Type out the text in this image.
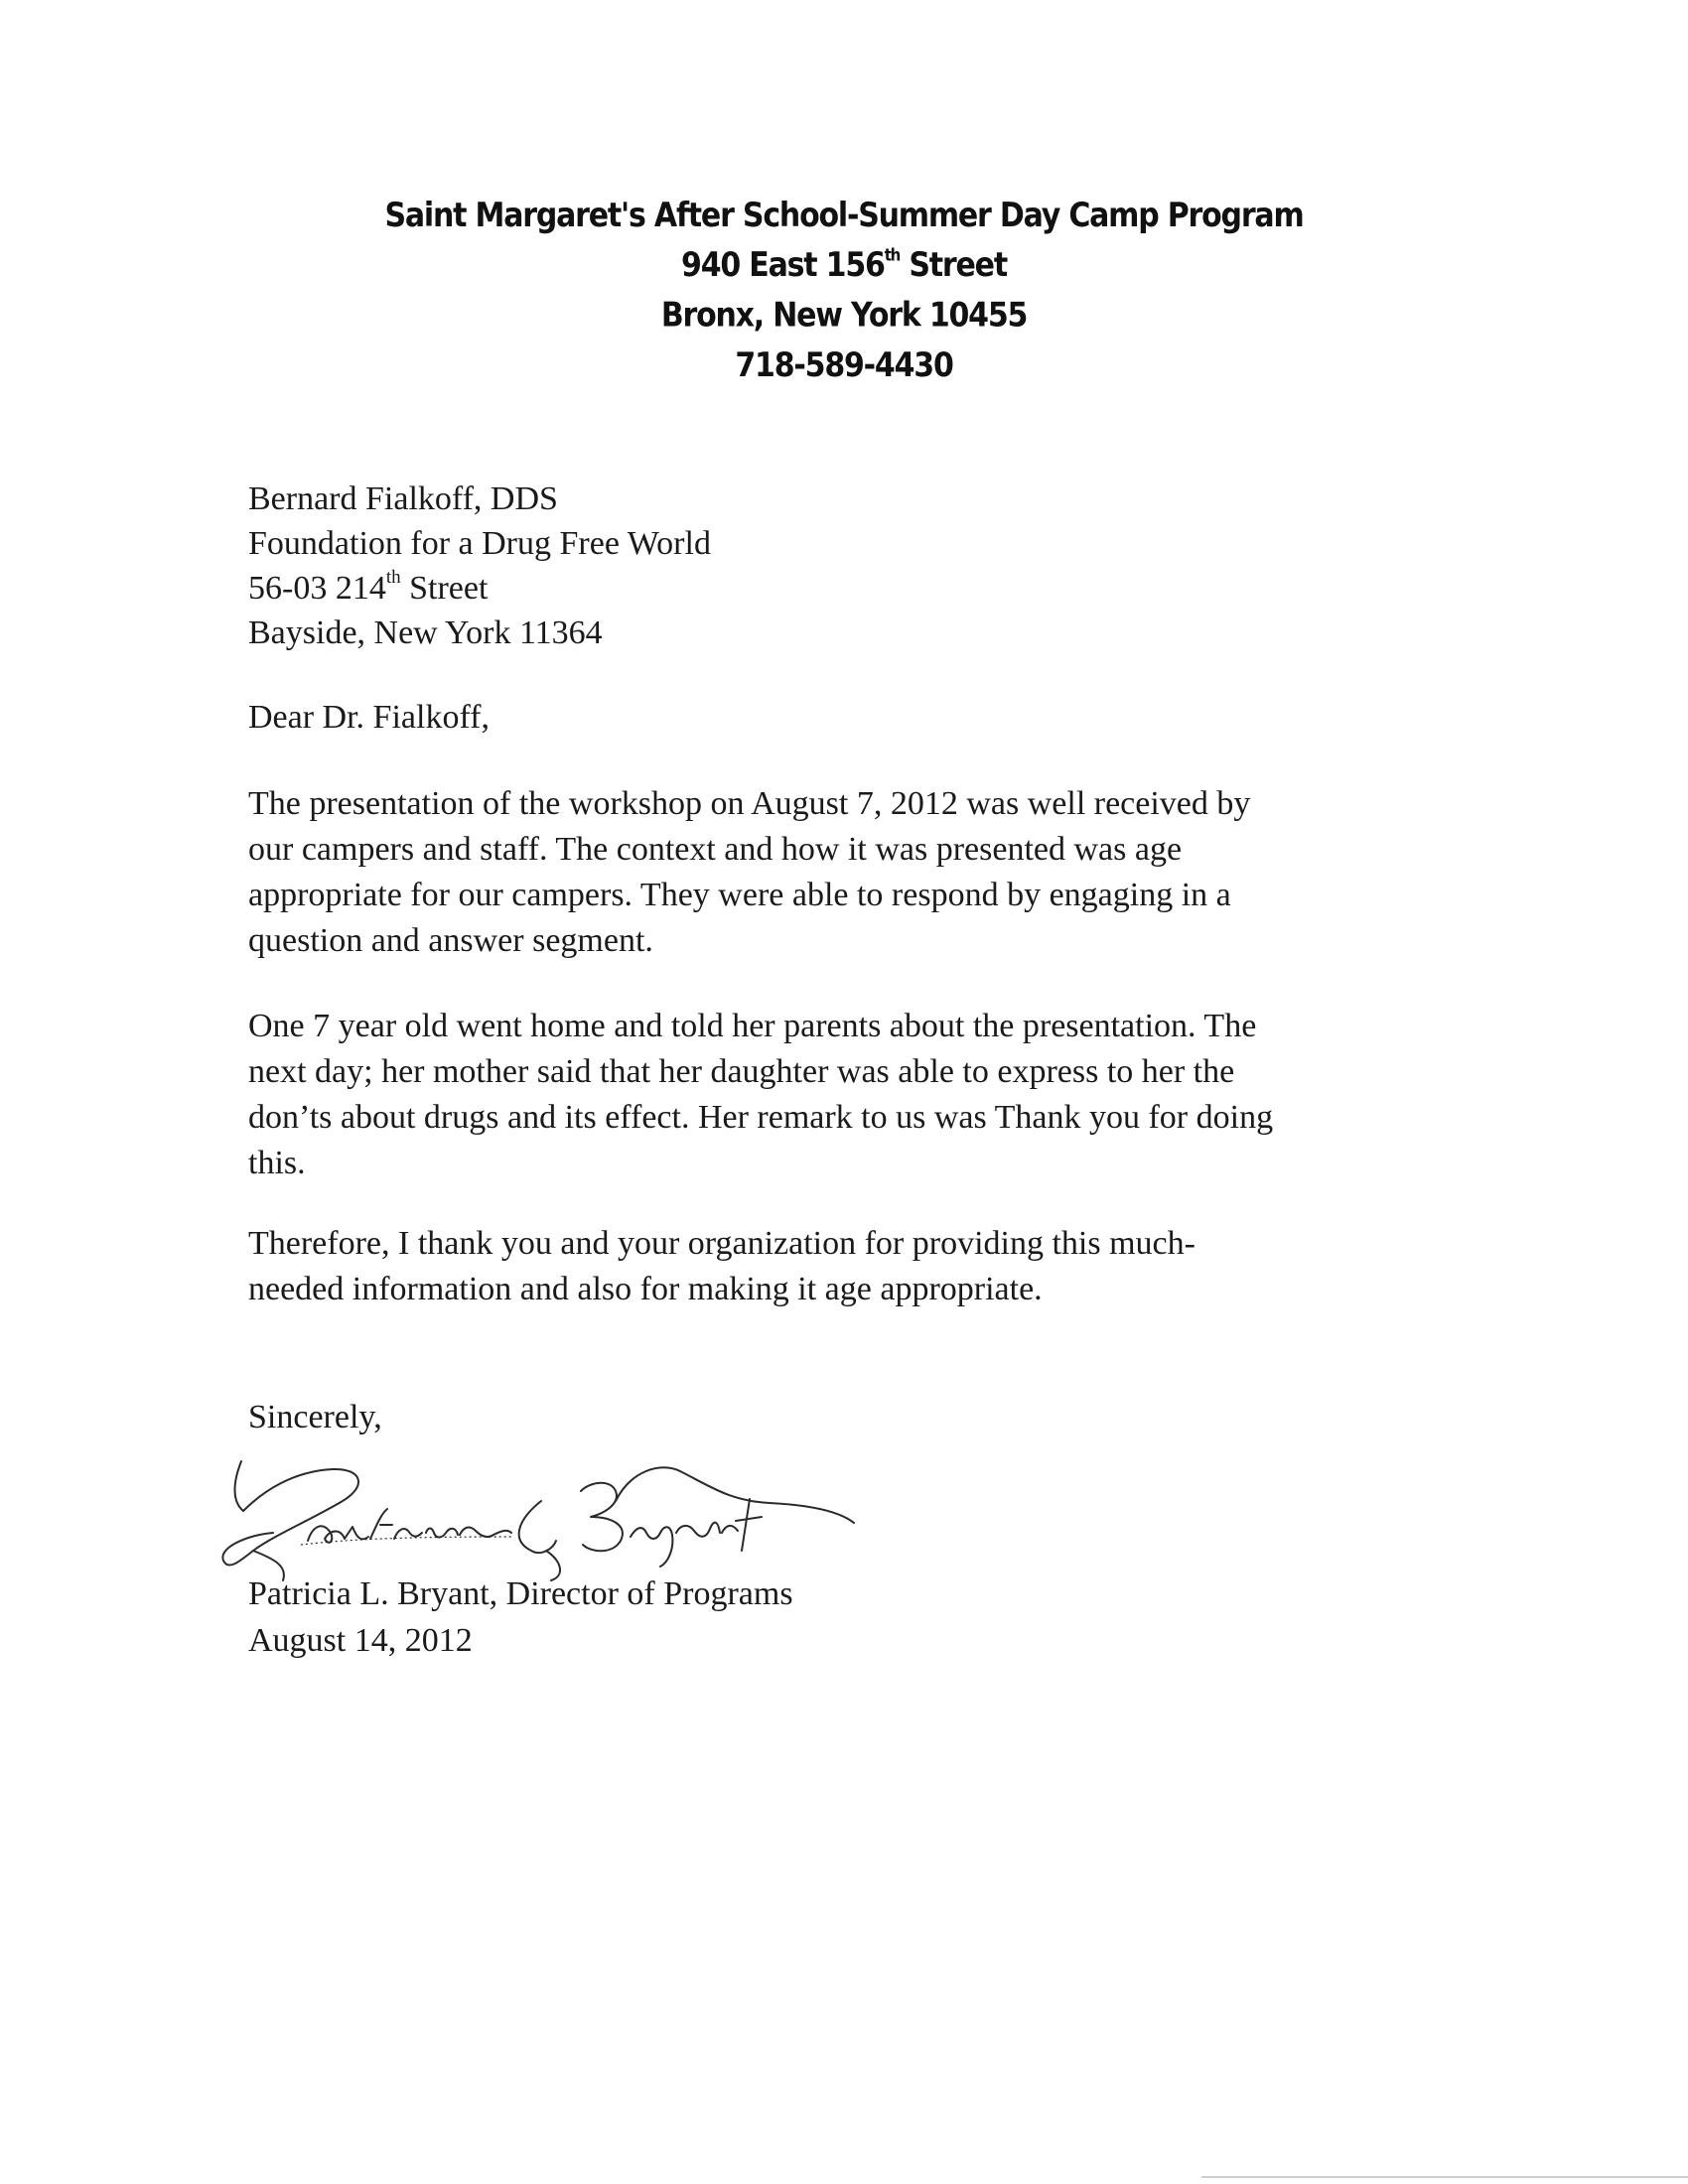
Saint Margaret's After School-Summer Day Camp Program
940 East 156th Street
Bronx, New York 10455
718-589-4430
Bernard Fialkoff, DDS
Foundation for a Drug Free World
56-03 214th Street
Bayside, New York 11364
Dear Dr. Fialkoff,
The presentation of the workshop on August 7, 2012 was well received by
our campers and staff. The context and how it was presented was age
appropriate for our campers. They were able to respond by engaging in a
question and answer segment.
One 7 year old went home and told her parents about the presentation. The
next day; her mother said that her daughter was able to express to her the
don’ts about drugs and its effect. Her remark to us was Thank you for doing
this.
Therefore, I thank you and your organization for providing this much-
needed information and also for making it age appropriate.
Sincerely,
Patricia L. Bryant, Director of Programs
August 14, 2012
